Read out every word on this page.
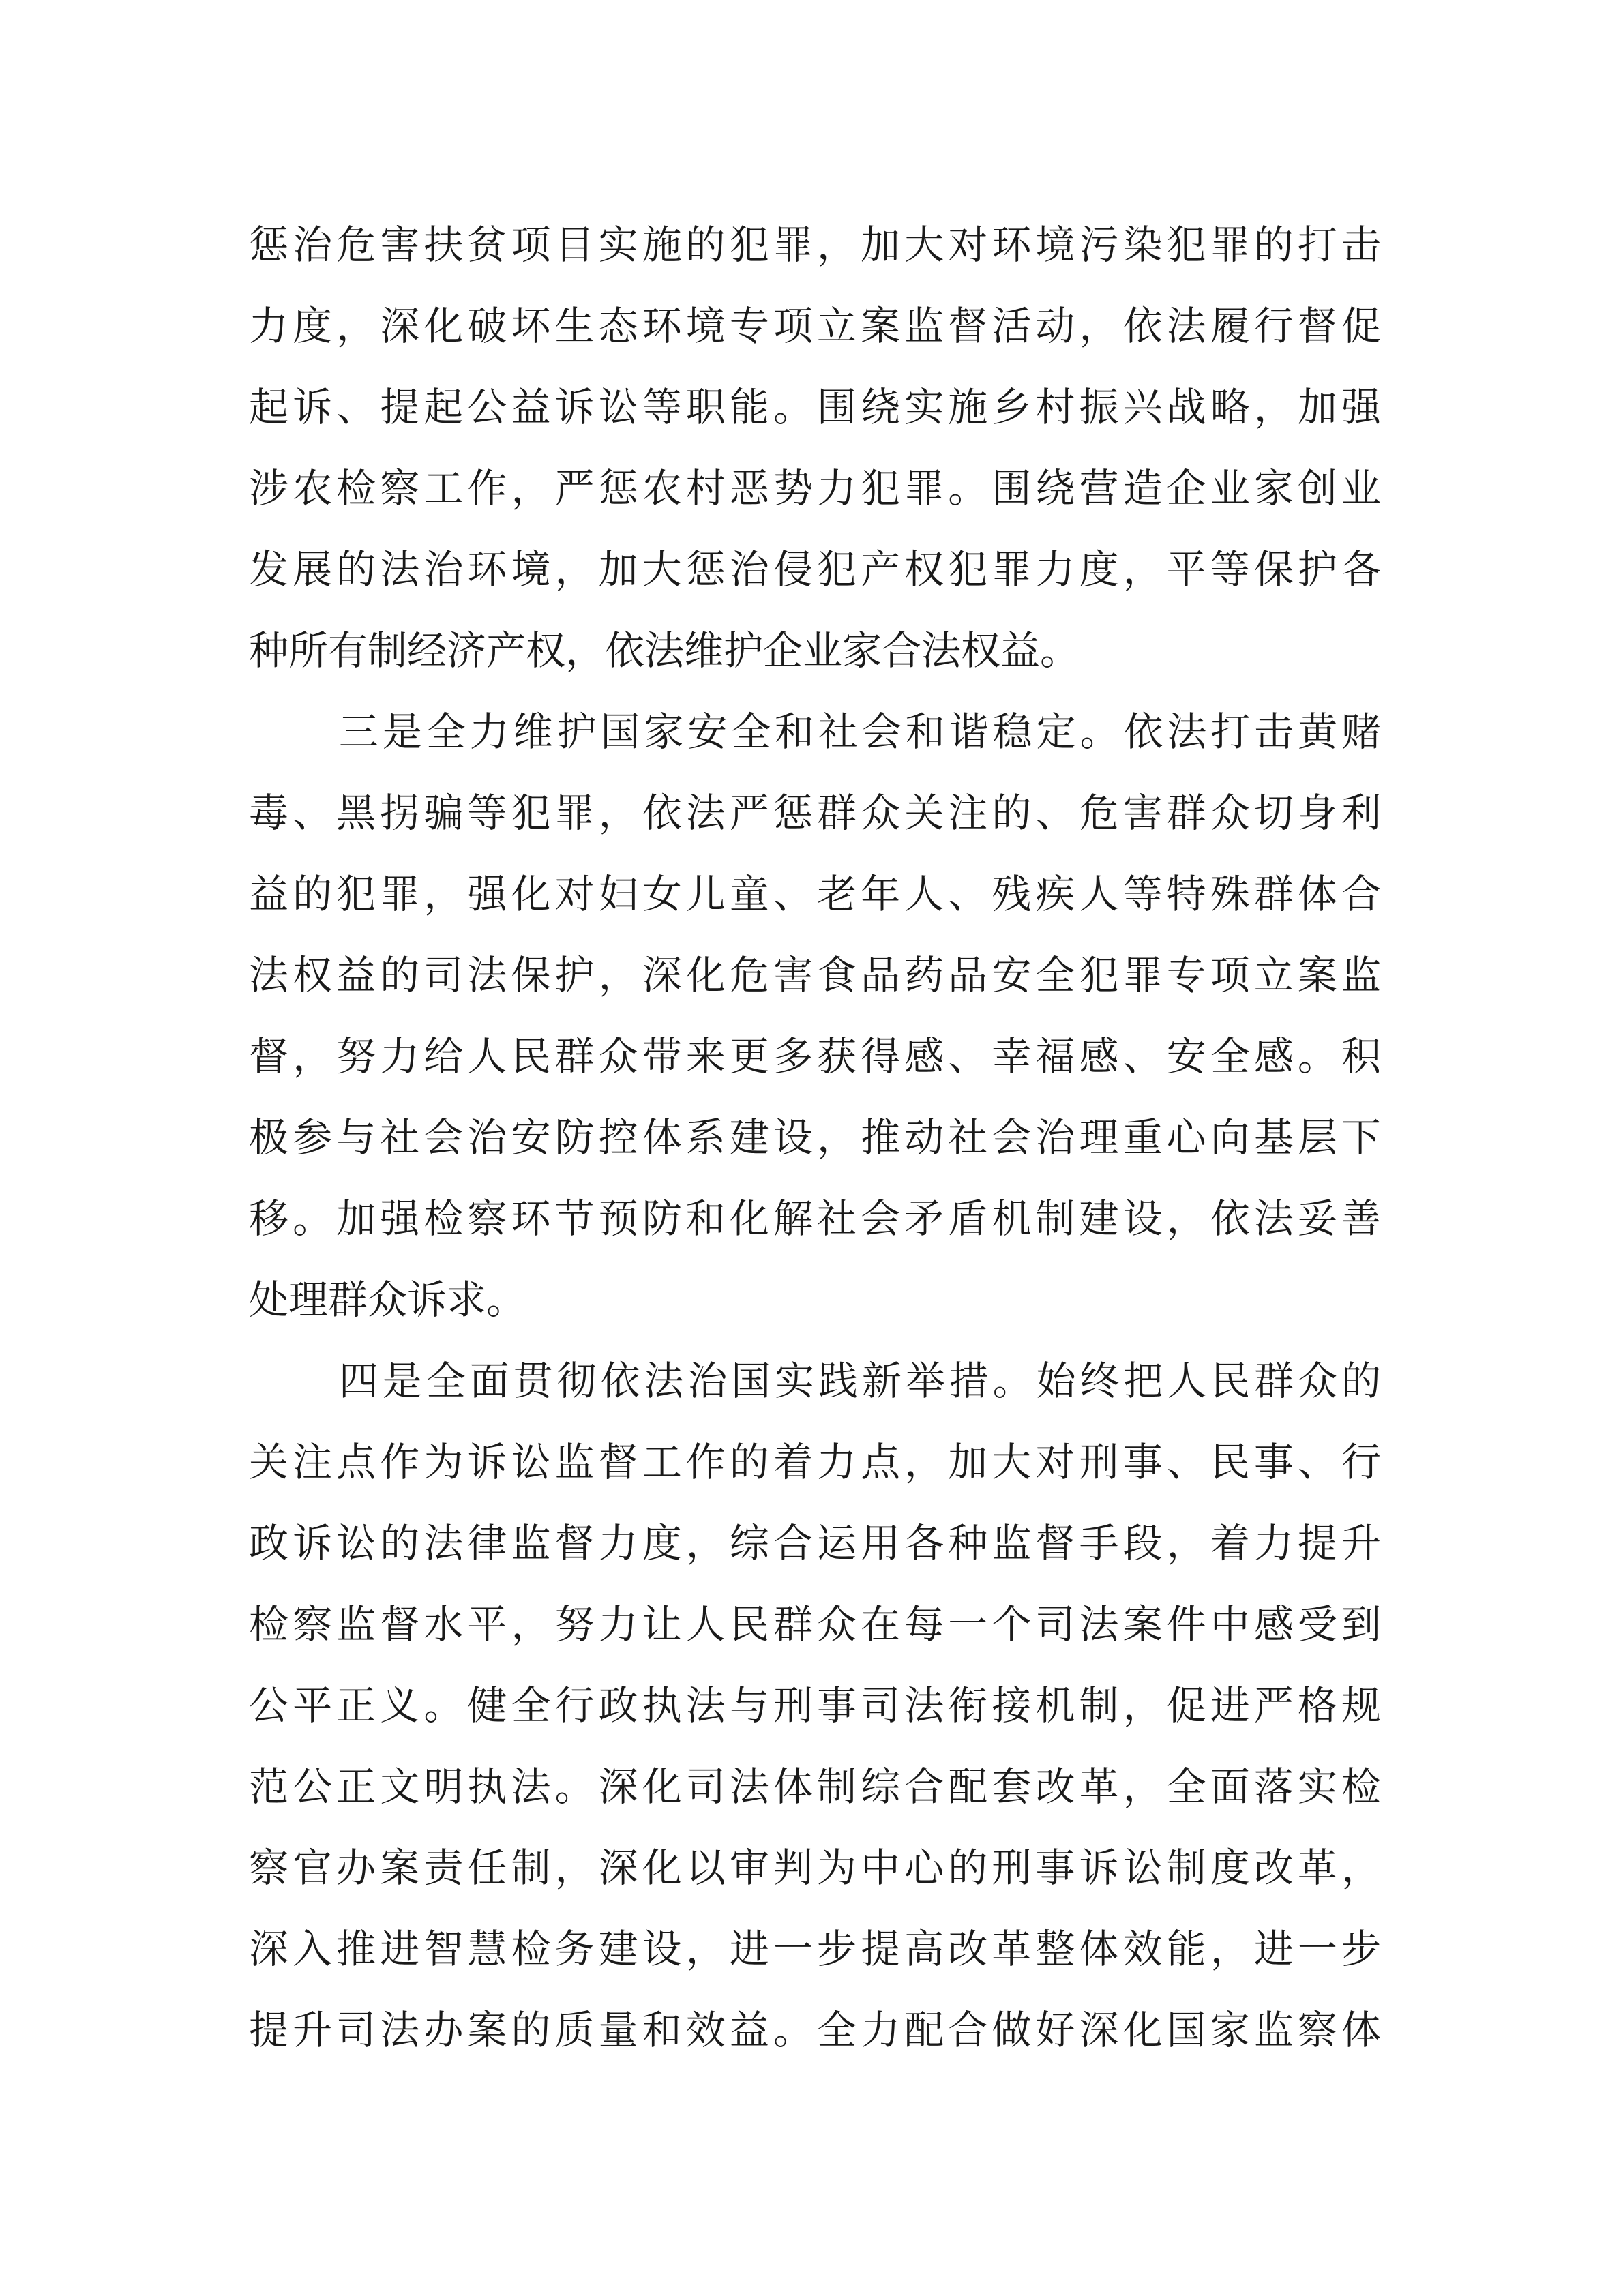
惩治危害扶贫项目实施的犯罪，加大对环境污染犯罪的打击
力度，深化破坏生态环境专项立案监督活动，依法履行督促
起诉、提起公益诉讼等职能。围绕实施乡村振兴战略，加强
涉农检察工作，严惩农村恶势力犯罪。围绕营造企业家创业
发展的法治环境，加大惩治侵犯产权犯罪力度，平等保护各
种所有制经济产权，依法维护企业家合法权益。
三是全力维护国家安全和社会和谐稳定。依法打击黄赌
毒、黑拐骗等犯罪，依法严惩群众关注的、危害群众切身利
益的犯罪，强化对妇女儿童、老年人、残疾人等特殊群体合
法权益的司法保护，深化危害食品药品安全犯罪专项立案监
督，努力给人民群众带来更多获得感、幸福感、安全感。积
极参与社会治安防控体系建设，推动社会治理重心向基层下
移。加强检察环节预防和化解社会矛盾机制建设，依法妥善
处理群众诉求。
四是全面贯彻依法治国实践新举措。始终把人民群众的
关注点作为诉讼监督工作的着力点，加大对刑事、民事、行
政诉讼的法律监督力度，综合运用各种监督手段，着力提升
检察监督水平，努力让人民群众在每一个司法案件中感受到
公平正义。健全行政执法与刑事司法衔接机制，促进严格规
范公正文明执法。深化司法体制综合配套改革，全面落实检
察官办案责任制，深化以审判为中心的刑事诉讼制度改革，
深入推进智慧检务建设，进一步提高改革整体效能，进一步
提升司法办案的质量和效益。全力配合做好深化国家监察体
